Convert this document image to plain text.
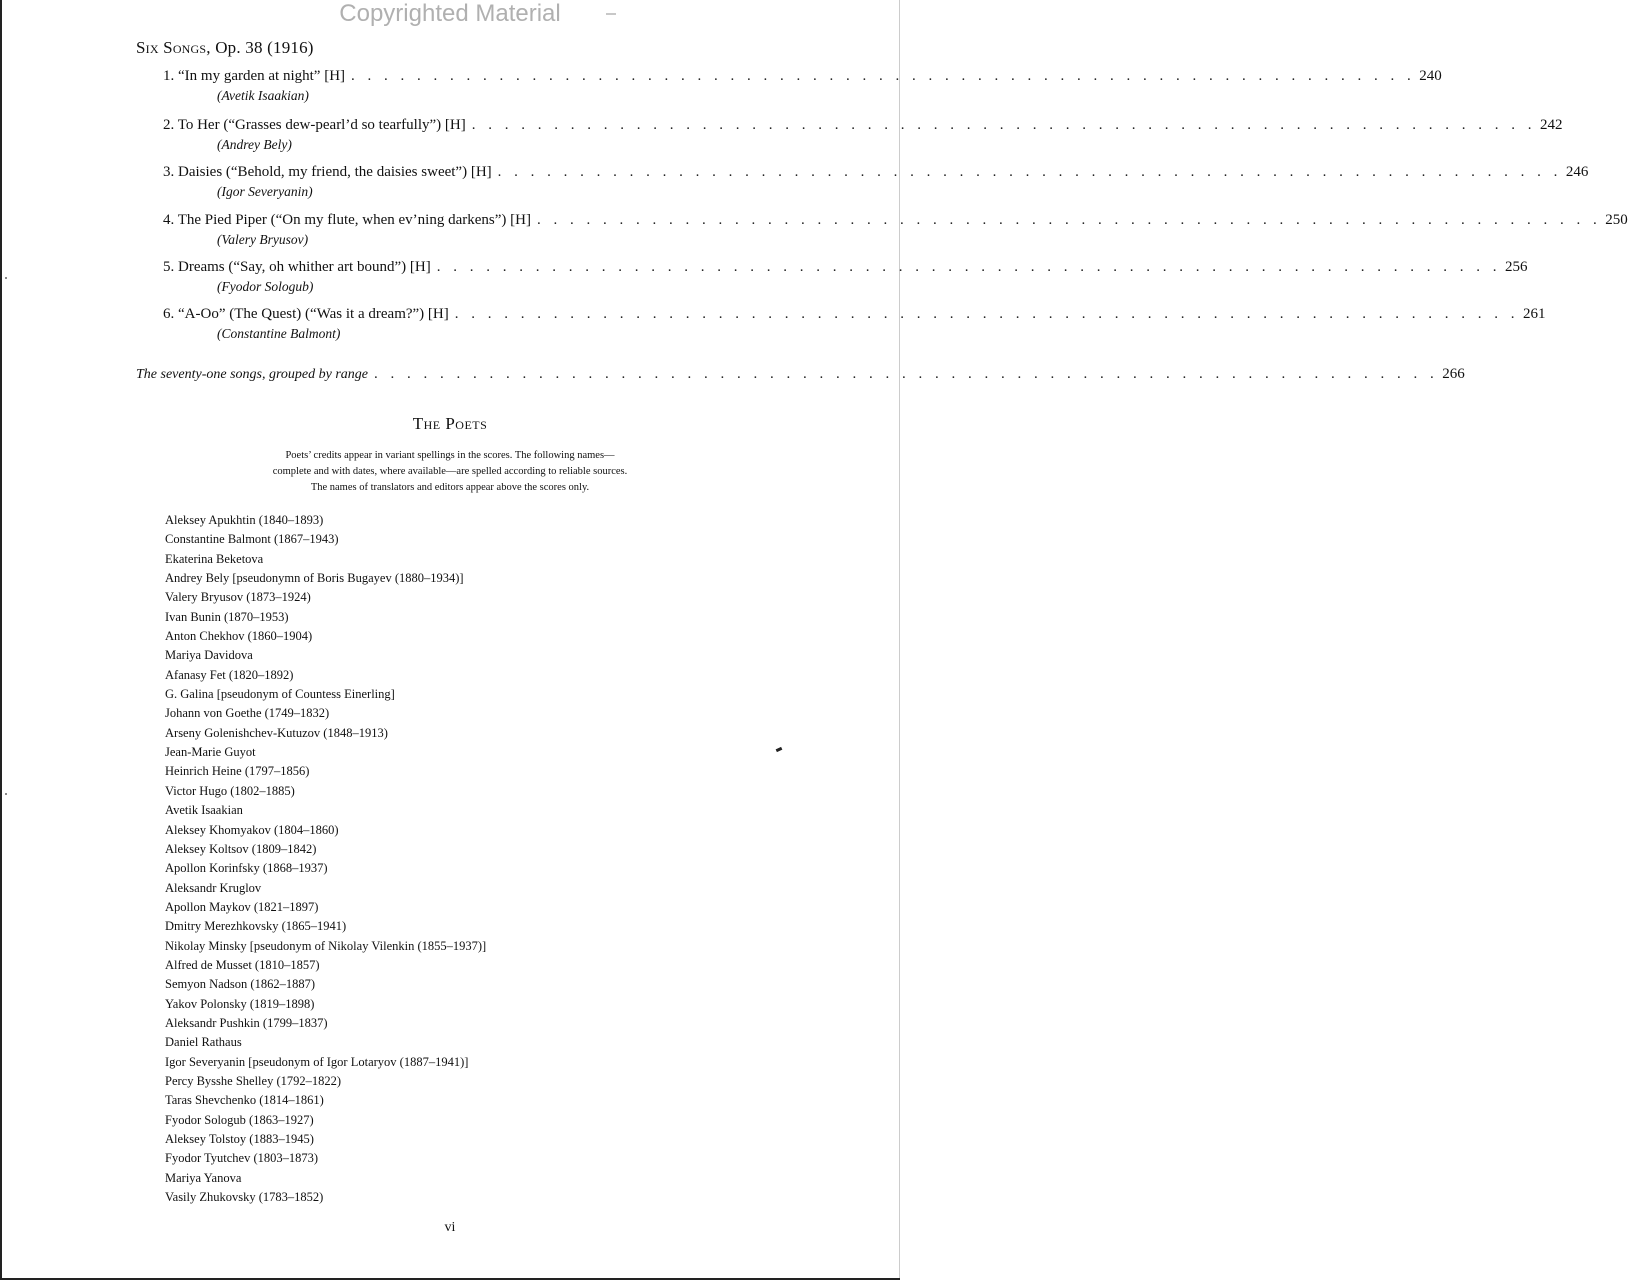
Copyrighted Material
Six Songs, Op. 38 (1916)
1. “In my garden at night” [H] . . . . . . . . . . . . . . . . . . . . . . . . . . . . . . . . . . . . . . . . . . . . . . . . . . . . . . . . . . . . . . . . . 240
(Avetik Isaakian)
2. To Her (“Grasses dew-pearl’d so tearfully”) [H] . . . . . . . . . . . . . . . . . . . . . . . . . . . . . . . . . . . . . . . . . . . . . . . . . . . . . . . . . . . . . . . . . 242
(Andrey Bely)
3. Daisies (“Behold, my friend, the daisies sweet”) [H] . . . . . . . . . . . . . . . . . . . . . . . . . . . . . . . . . . . . . . . . . . . . . . . . . . . . . . . . . . . . . . . . . 246
(Igor Severyanin)
4. The Pied Piper (“On my flute, when ev’ning darkens”) [H] . . . . . . . . . . . . . . . . . . . . . . . . . . . . . . . . . . . . . . . . . . . . . . . . . . . . . . . . . . . . . . . . . 250
(Valery Bryusov)
5. Dreams (“Say, oh whither art bound”) [H] . . . . . . . . . . . . . . . . . . . . . . . . . . . . . . . . . . . . . . . . . . . . . . . . . . . . . . . . . . . . . . . . . 256
(Fyodor Sologub)
6. “A-Oo” (The Quest) (“Was it a dream?”) [H] . . . . . . . . . . . . . . . . . . . . . . . . . . . . . . . . . . . . . . . . . . . . . . . . . . . . . . . . . . . . . . . . . 261
(Constantine Balmont)
The seventy-one songs, grouped by range . . . . . . . . . . . . . . . . . . . . . . . . . . . . . . . . . . . . . . . . . . . . . . . . . . . . . . . . . . . . . . . . . 266
The Poets
Poets’ credits appear in variant spellings in the scores. The following names—
complete and with dates, where available—are spelled according to reliable sources.
The names of translators and editors appear above the scores only.
Aleksey Apukhtin (1840–1893)
Constantine Balmont (1867–1943)
Ekaterina Beketova
Andrey Bely [pseudonymn of Boris Bugayev (1880–1934)]
Valery Bryusov (1873–1924)
Ivan Bunin (1870–1953)
Anton Chekhov (1860–1904)
Mariya Davidova
Afanasy Fet (1820–1892)
G. Galina [pseudonym of Countess Einerling]
Johann von Goethe (1749–1832)
Arseny Golenishchev-Kutuzov (1848–1913)
Jean-Marie Guyot
Heinrich Heine (1797–1856)
Victor Hugo (1802–1885)
Avetik Isaakian
Aleksey Khomyakov (1804–1860)
Aleksey Koltsov (1809–1842)
Apollon Korinfsky (1868–1937)
Aleksandr Kruglov
Apollon Maykov (1821–1897)
Dmitry Merezhkovsky (1865–1941)
Nikolay Minsky [pseudonym of Nikolay Vilenkin (1855–1937)]
Alfred de Musset (1810–1857)
Semyon Nadson (1862–1887)
Yakov Polonsky (1819–1898)
Aleksandr Pushkin (1799–1837)
Daniel Rathaus
Igor Severyanin [pseudonym of Igor Lotaryov (1887–1941)]
Percy Bysshe Shelley (1792–1822)
Taras Shevchenko (1814–1861)
Fyodor Sologub (1863–1927)
Aleksey Tolstoy (1883–1945)
Fyodor Tyutchev (1803–1873)
Mariya Yanova
Vasily Zhukovsky (1783–1852)
vi
